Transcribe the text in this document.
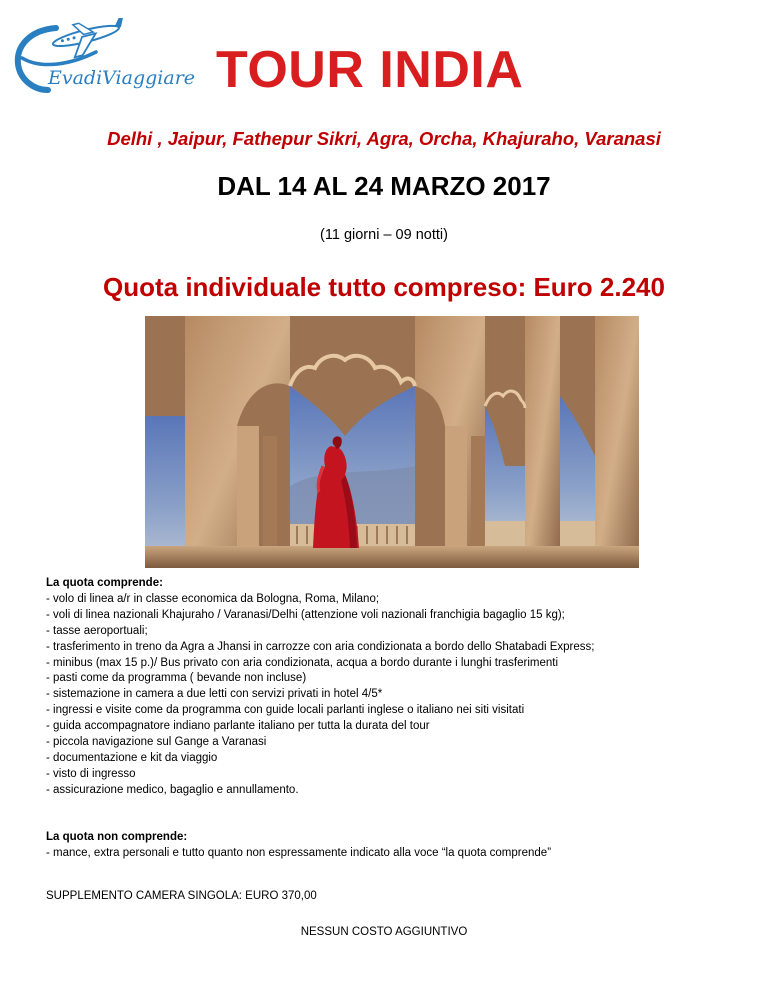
EvadiViaggiare TOUR INDIA
Delhi , Jaipur, Fathepur Sikri, Agra, Orcha, Khajuraho, Varanasi
DAL 14 AL 24 MARZO 2017
(11 giorni – 09 notti)
Quota individuale tutto compreso: Euro 2.240
La quota comprende:
- volo di linea a/r in classe economica da Bologna, Roma, Milano;
- voli di linea nazionali Khajuraho / Varanasi/Delhi (attenzione voli nazionali franchigia bagaglio 15 kg);
- tasse aeroportuali;
- trasferimento in treno da Agra a Jhansi in carrozze con aria condizionata a bordo dello Shatabadi Express;
- minibus (max 15 p.)/ Bus privato con aria condizionata, acqua a bordo durante i lunghi trasferimenti
- pasti come da programma ( bevande non incluse)
- sistemazione in camera a due letti con servizi privati in hotel 4/5*
- ingressi e visite come da programma con guide locali parlanti inglese o italiano nei siti visitati
- guida accompagnatore indiano parlante italiano per tutta la durata del tour
- piccola navigazione sul Gange a Varanasi
- documentazione e kit da viaggio
- visto di ingresso
- assicurazione medico, bagaglio e annullamento.
La quota non comprende:
- mance, extra personali e tutto quanto non espressamente indicato alla voce “la quota comprende”
SUPPLEMENTO CAMERA SINGOLA: EURO 370,00
NESSUN COSTO AGGIUNTIVO
